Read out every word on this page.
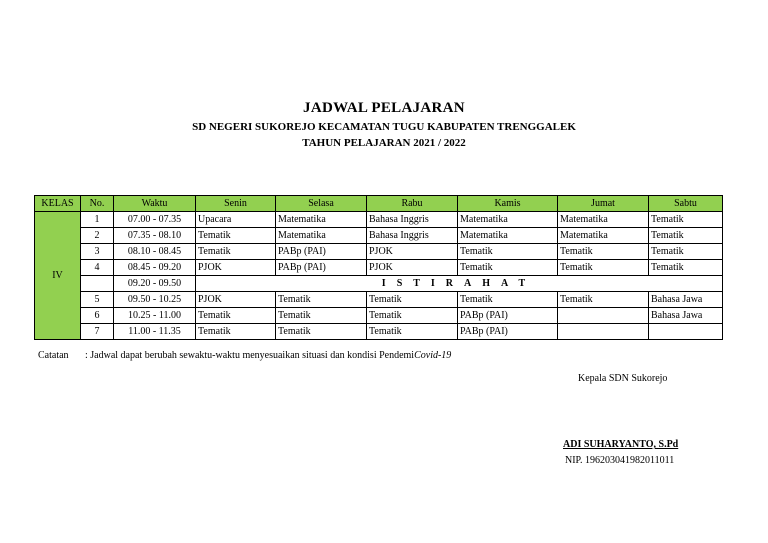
JADWAL PELAJARAN
SD NEGERI SUKOREJO KECAMATAN TUGU KABUPATEN TRENGGALEK
TAHUN PELAJARAN 2021 / 2022
KELAS	No.	Waktu	Senin	Selasa	Rabu	Kamis	Jumat	Sabtu
IV	1	07.00 - 07.35	Upacara	Matematika	Bahasa Inggris	Matematika	Matematika	Tematik
	2	07.35 - 08.10	Tematik	Matematika	Bahasa Inggris	Matematika	Matematika	Tematik
	3	08.10 - 08.45	Tematik	PABp (PAI)	PJOK	Tematik	Tematik	Tematik
	4	08.45 - 09.20	PJOK	PABp (PAI)	PJOK	Tematik	Tematik	Tematik
		09.20 - 09.50	ISTIRAHAT					
	5	09.50 - 10.25	PJOK	Tematik	Tematik	Tematik	Tematik	Bahasa Jawa
	6	10.25 - 11.00	Tematik	Tematik	Tematik	PABp (PAI)		Bahasa Jawa
	7	11.00 - 11.35	Tematik	Tematik	Tematik	PABp (PAI)		
Catatan : Jadwal dapat berubah sewaktu-waktu menyesuaikan situasi dan kondisi PendemiCovid-19
Kepala SDN Sukorejo
ADI SUHARYANTO, S.Pd
NIP. 196203041982011011
